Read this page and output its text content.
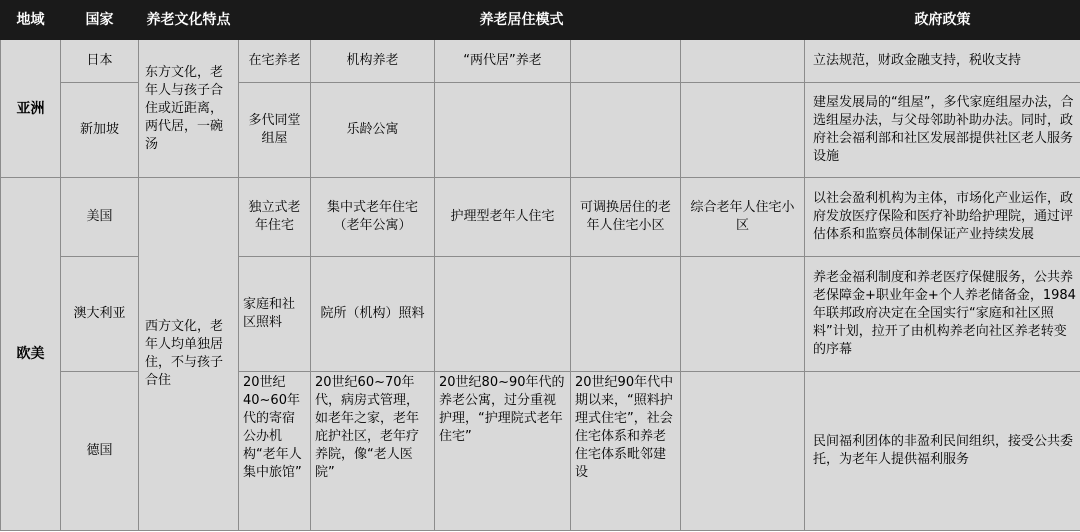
地域	国家	养老文化特点	养老居住模式					政府政策
亚洲	日本	东方文化，老年人与孩子合住或近距离，两代居，一碗汤	在宅养老	机构养老	“两代居”养老			立法规范，财政金融支持，税收支持
	新加坡		多代同堂组屋	乐龄公寓				建屋发展局的“组屋”，多代家庭组屋办法，合选组屋办法，与父母邻助补助办法。同时，政府社会福利部和社区发展部提供社区老人服务设施
欧美	美国	西方文化，老年人均单独居住，不与孩子合住	独立式老年住宅	集中式老年住宅（老年公寓）	护理型老年人住宅	可调换居住的老年人住宅小区	综合老年人住宅小区	以社会盈利机构为主体，市场化产业运作，政府发放医疗保险和医疗补助给护理院，通过评估体系和监察员体制保证产业持续发展
	澳大利亚		家庭和社区照料	院所（机构）照料				养老金福利制度和养老医疗保健服务，公共养老保障金+职业年金+个人养老储备金，1984年联邦政府决定在全国实行“家庭和社区照料”计划，拉开了由机构养老向社区养老转变的序幕
	德国		20世纪40~60年代的寄宿公办机构“老年人集中旅馆”	20世纪60~70年代，病房式管理，如老年之家，老年庇护社区，老年疗养院，像“老人医院”	20世纪80~90年代的养老公寓，过分重视护理，“护理院式老年住宅”	20世纪90年代中期以来，“照料护理式住宅”，社会住宅体系和养老住宅体系毗邻建设		民间福利团体的非盈利民间组织，接受公共委托，为老年人提供福利服务
